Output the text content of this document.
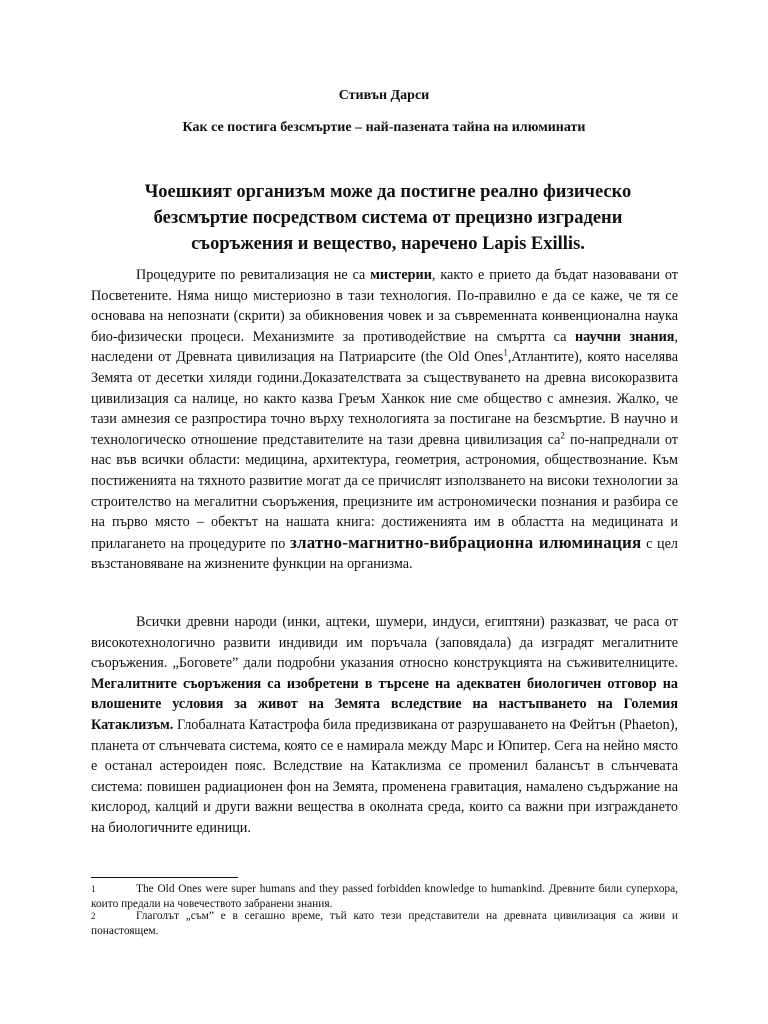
Стивън Дарси
Как се постига безсмъртие – най-пазената тайна на илюминати
Чоешкият организъм може да постигне реално физическо безсмъртие посредством система от прецизно изградени съоръжения и вещество, наречено Lapis Exillis.

Процедурите по ревитализация не са мистерии, както е прието да бъдат назовавани от Посветените. Няма нищо мистериозно в тази технология. По-правилно е да се каже, че тя се основава на непознати (скрити) за обикновения човек и за съвременната конвенционална наука био-физически процеси. Механизмите за противодействие на смъртта са научни знания, наследени от Древната цивилизация на Патриарсите (the Old Ones$^1$,Атлантите), която населява Земята от десетки хиляди години.Доказателствата за съществуването на древна високоразвита цивилизация са налице, но както казва Греъм Ханкок ние сме общество с амнезия. Жалко, че тази амнезия се разпростира точно върху технологията за постигане на безсмъртие. В научно и технологическо отношение представителите на тази древна цивилизация $са^2$ по-напреднали от нас във всички области: медицина, архитектура, геометрия, астрономия, обществознание. Към постиженията на тяхното развитие могат да се причислят използването на високи технологии за строителство на мегалитни съоръжения, прецизните им астрономически познания и разбира се на първо място – обектът на нашата книга: достиженията им в областта на медицината и прилагането на процедурите по златно-магнитно-вибрационна илюминация с цел възстановяване на жизнените функции на организма.

Всички древни народи (инки, ацтеки, шумери, индуси, египтяни) разказват, че раса от високотехнологично развити индивиди им поръчала (заповядала) да изградят мегалитните съоръжения. „Боговете” дали подробни указания относно конструкцията на съживителниците. Мегалитните съоръжения са изобретени в търсене на адекватен биологичен отговор на влошените условия за живот на Земята вследствие на настъпването на Големия Катаклизъм. Глобалната Катастрофа била предизвикана от разрушаването на Фейтън (Phaeton), планета от слънчевата система, която се е намирала между Марс и Юпитер. Сега на нейно място е останал астероиден пояс. Вследствие на Катаклизма се променил балансът в слънчевата система: повишен радиационен фон на Земята, променена гравитация, намалено съдържание на кислород, калций и други важни вещества в околната среда, които са важни при изграждането на биологичните единици.

1	The Old Ones were super humans and they passed forbidden knowledge to humankind. Древните били суперхора, които предали на човечеството забранени знания.

2	Глаголът „съм” е в сегашно време, тъй като тези представители на древната цивилизация са живи и понастоящем.
